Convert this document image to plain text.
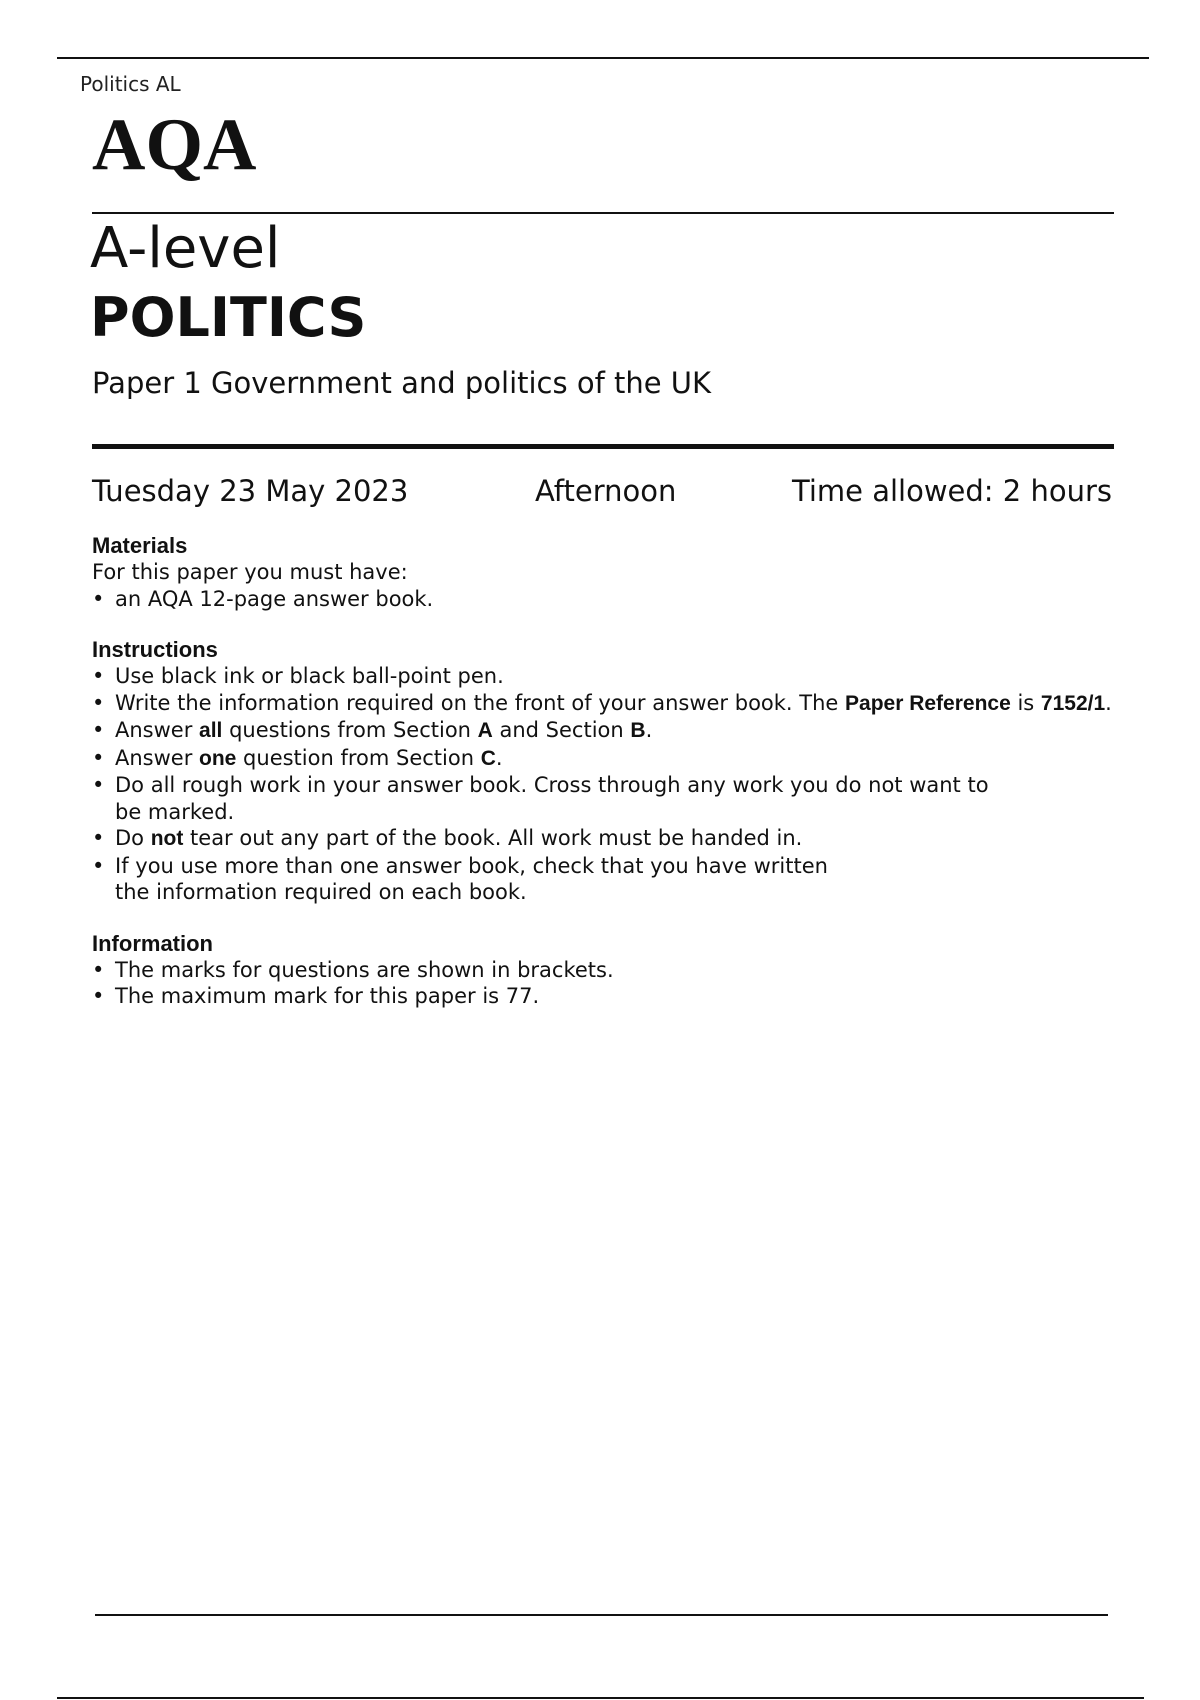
Politics AL
AQA
A-level
POLITICS
Paper 1 Government and politics of the UK
Tuesday 23 May 2023	Afternoon	Time allowed: 2 hours
Materials
For this paper you must have:
• an AQA 12-page answer book.
Instructions
• Use black ink or black ball-point pen.
• Write the information required on the front of your answer book. The Paper Reference is 7152/1.
• Answer all questions from Section A and Section B.
• Answer one question from Section C.
• Do all rough work in your answer book. Cross through any work you do not want to be marked.
• Do not tear out any part of the book. All work must be handed in.
• If you use more than one answer book, check that you have written the information required on each book.
Information
• The marks for questions are shown in brackets.
• The maximum mark for this paper is 77.
